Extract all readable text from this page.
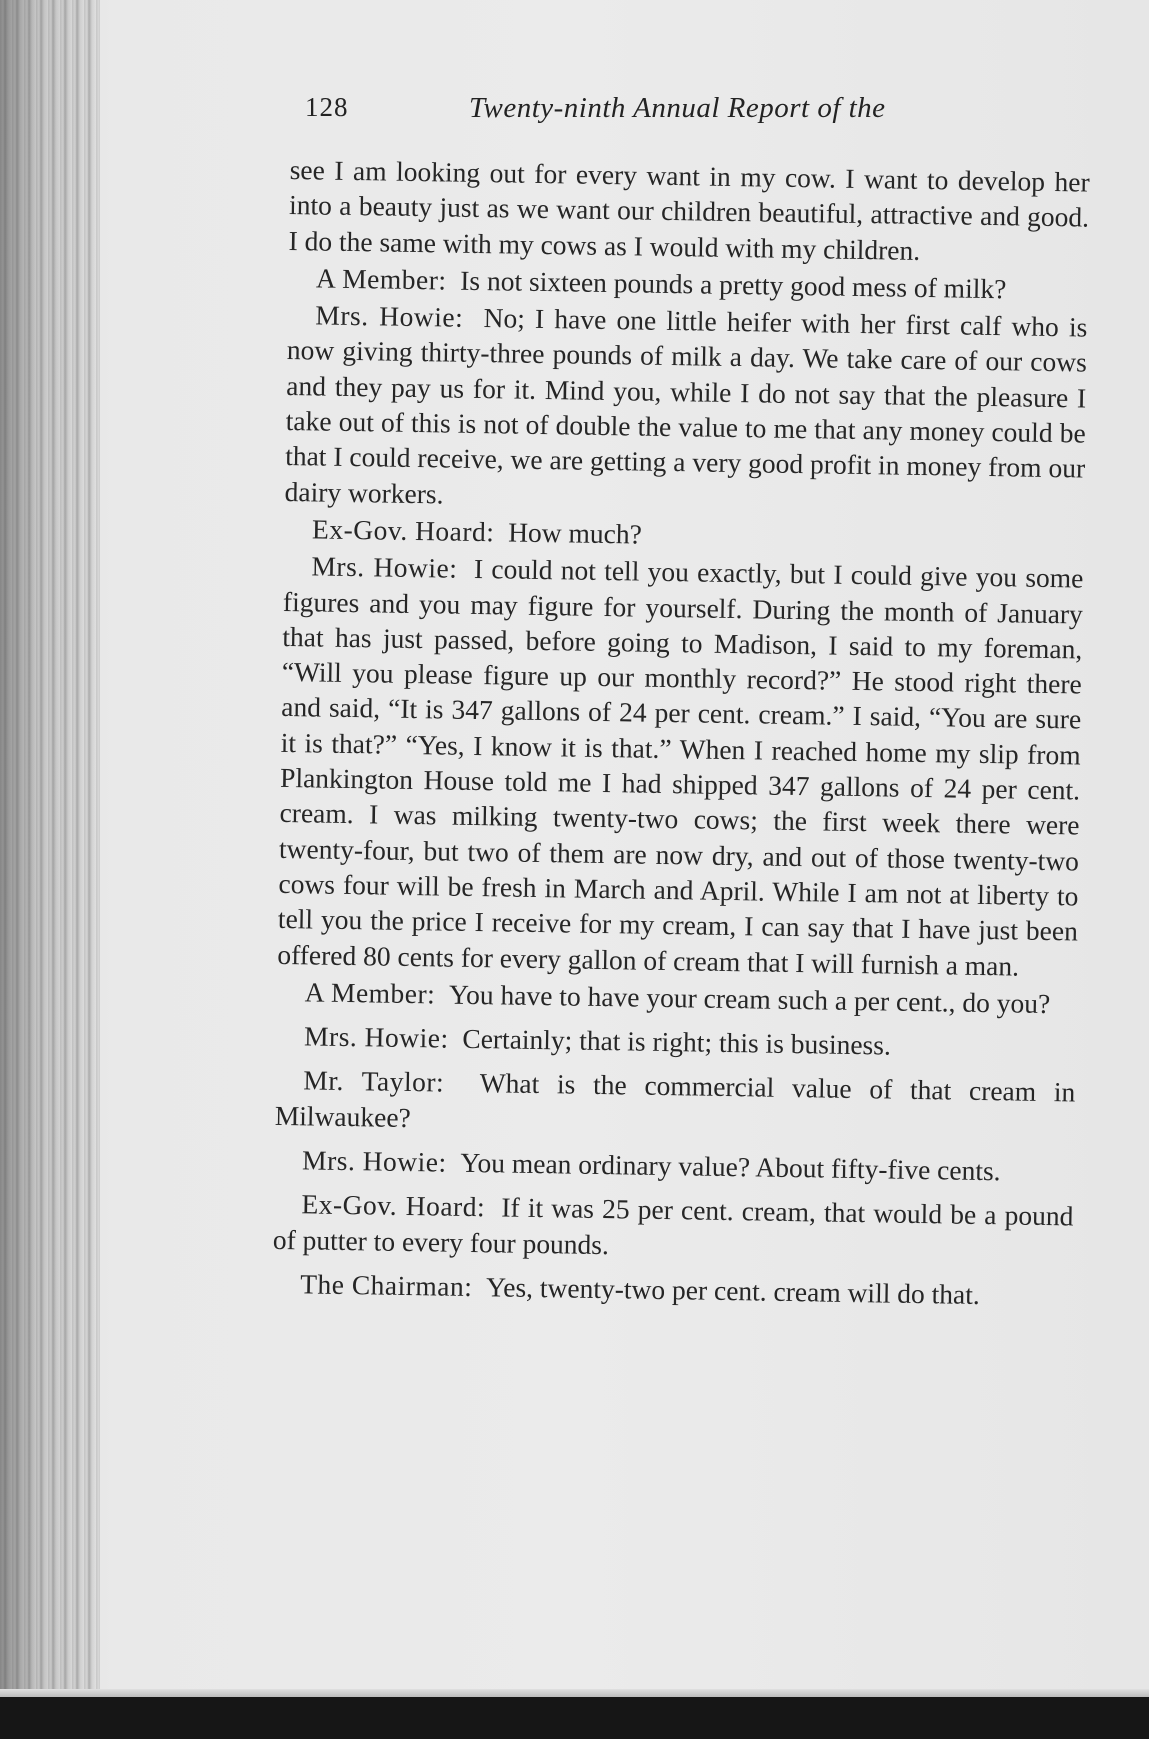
128	Twenty-ninth Annual Report of the

see I am looking out for every want in my cow. I want to develop her into a beauty just as we want our children beautiful, attractive and good. I do the same with my cows as I would with my children.

A Member: Is not sixteen pounds a pretty good mess of milk?

Mrs. Howie: No; I have one little heifer with her first calf who is now giving thirty-three pounds of milk a day. We take care of our cows and they pay us for it. Mind you, while I do not say that the pleasure I take out of this is not of double the value to me that any money could be that I could receive, we are getting a very good profit in money from our dairy workers.

Ex-Gov. Hoard: How much?

Mrs. Howie: I could not tell you exactly, but I could give you some figures and you may figure for yourself. During the month of January that has just passed, before going to Madison, I said to my foreman, “Will you please figure up our monthly record?” He stood right there and said, “It is 347 gallons of 24 per cent. cream.” I said, “You are sure it is that?” “Yes, I know it is that.” When I reached home my slip from Plankington House told me I had shipped 347 gallons of 24 per cent. cream. I was milking twenty-two cows; the first week there were twenty-four, but two of them are now dry, and out of those twenty-two cows four will be fresh in March and April. While I am not at liberty to tell you the price I receive for my cream, I can say that I have just been offered 80 cents for every gallon of cream that I will furnish a man.

A Member: You have to have your cream such a per cent., do you?

Mrs. Howie: Certainly; that is right; this is business.

Mr. Taylor: What is the commercial value of that cream in Milwaukee?

Mrs. Howie: You mean ordinary value? About fifty-five cents.

Ex-Gov. Hoard: If it was 25 per cent. cream, that would be a pound of putter to every four pounds.

The Chairman: Yes, twenty-two per cent. cream will do that.
